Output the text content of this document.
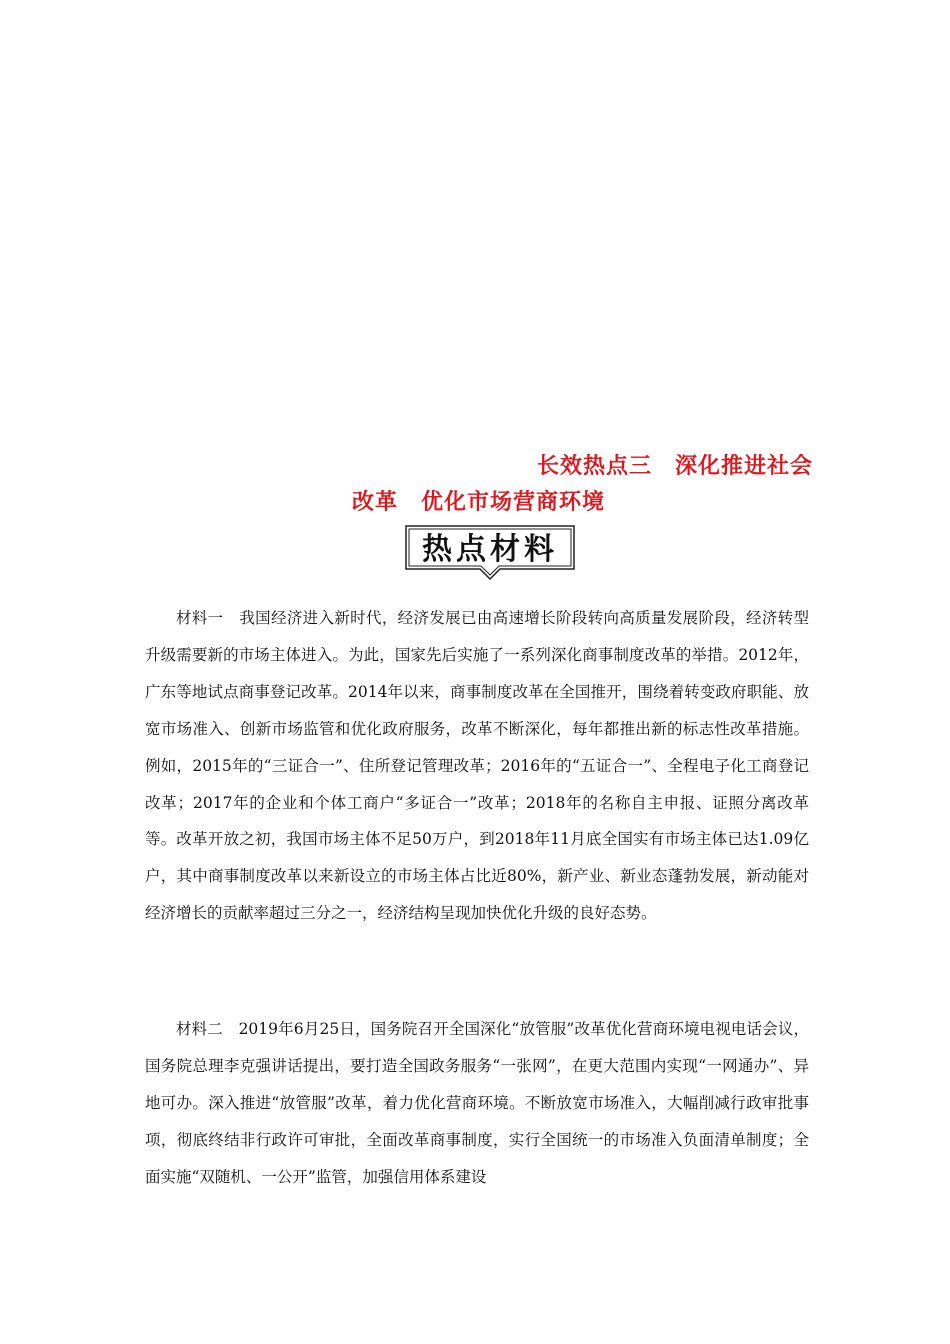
长效热点三　深化推进社会
改革　优化市场营商环境
热点材料

材料一　我国经济进入新时代，经济发展已由高速增长阶段转向高质量发展阶段，经济转型升级需要新的市场主体进入。为此，国家先后实施了一系列深化商事制度改革的举措。2012年，广东等地试点商事登记改革。2014年以来，商事制度改革在全国推开，围绕着转变政府职能、放宽市场准入、创新市场监管和优化政府服务，改革不断深化，每年都推出新的标志性改革措施。例如，2015年的“三证合一”、住所登记管理改革；2016年的“五证合一”、全程电子化工商登记改革；2017年的企业和个体工商户“多证合一”改革；2018年的名称自主申报、证照分离改革等。改革开放之初，我国市场主体不足50万户，到2018年11月底全国实有市场主体已达1.09亿户，其中商事制度改革以来新设立的市场主体占比近80%，新产业、新业态蓬勃发展，新动能对经济增长的贡献率超过三分之一，经济结构呈现加快优化升级的良好态势。

材料二　2019年6月25日，国务院召开全国深化“放管服”改革优化营商环境电视电话会议，国务院总理李克强讲话提出，要打造全国政务服务“一张网”，在更大范围内实现“一网通办”、异地可办。深入推进“放管服”改革，着力优化营商环境。不断放宽市场准入，大幅削减行政审批事项，彻底终结非行政许可审批，全面改革商事制度，实行全国统一的市场准入负面清单制度；全面实施“双随机、一公开”监管，加强信用体系建设
